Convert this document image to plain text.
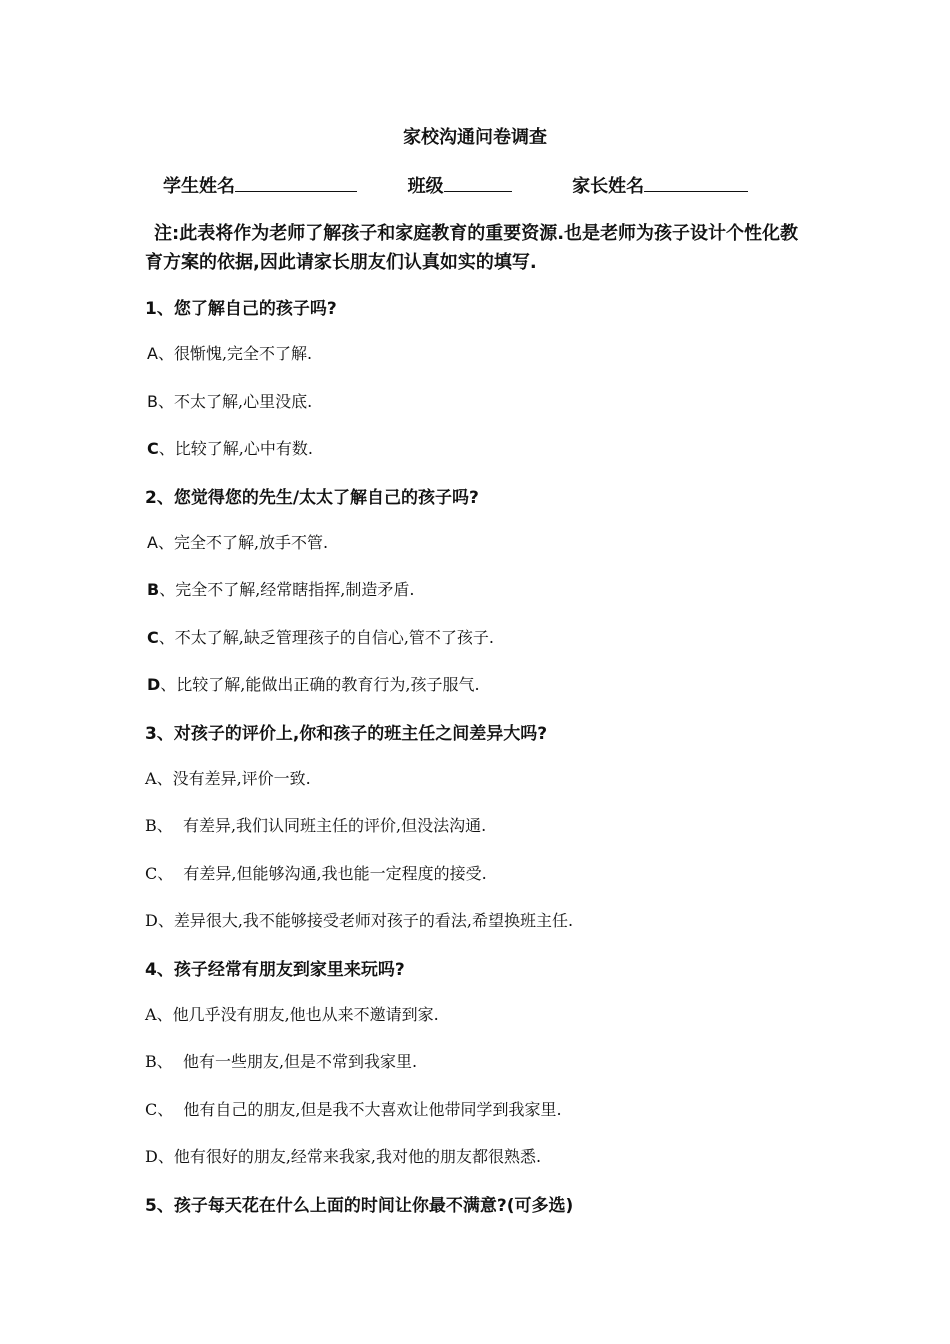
家校沟通问卷调查
学生姓名	班级	家长姓名
注:此表将作为老师了解孩子和家庭教育的重要资源.也是老师为孩子设计个性化教育方案的依据,因此请家长朋友们认真如实的填写.
1、您了解自己的孩子吗?
A、很惭愧,完全不了解.
B、不太了解,心里没底.
C、比较了解,心中有数.
2、您觉得您的先生/太太了解自己的孩子吗?
A、完全不了解,放手不管.
B、完全不了解,经常瞎指挥,制造矛盾.
C、不太了解,缺乏管理孩子的自信心,管不了孩子.
D、比较了解,能做出正确的教育行为,孩子服气.
3、对孩子的评价上,你和孩子的班主任之间差异大吗?
A、没有差异,评价一致.
B、  有差异,我们认同班主任的评价,但没法沟通.
C、  有差异,但能够沟通,我也能一定程度的接受.
D、差异很大,我不能够接受老师对孩子的看法,希望换班主任.
4、孩子经常有朋友到家里来玩吗?
A、他几乎没有朋友,他也从来不邀请到家.
B、  他有一些朋友,但是不常到我家里.
C、  他有自己的朋友,但是我不大喜欢让他带同学到我家里.
D、他有很好的朋友,经常来我家,我对他的朋友都很熟悉.
5、孩子每天花在什么上面的时间让你最不满意?(可多选)
